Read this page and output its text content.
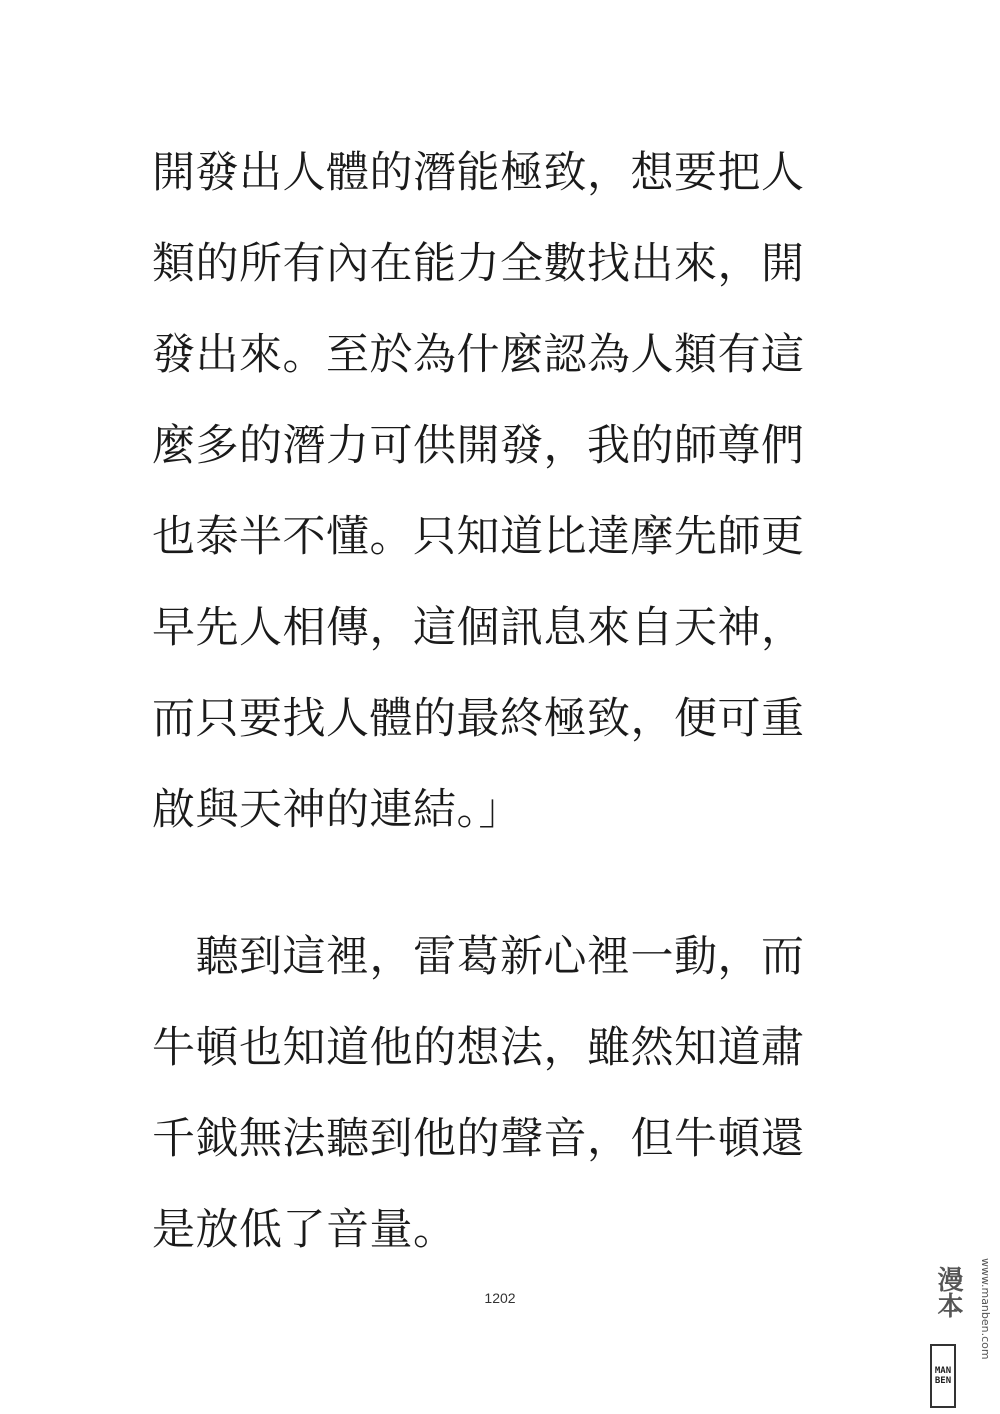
開發出人體的潛能極致，想要把人
類的所有內在能力全數找出來，開
發出來。至於為什麼認為人類有這
麼多的潛力可供開發，我的師尊們
也泰半不懂。只知道比達摩先師更
早先人相傳，這個訊息來自天神，
而只要找人體的最終極致，便可重
啟與天神的連結。」
　聽到這裡，雷葛新心裡一動，而
牛頓也知道他的想法，雖然知道肅
千鉞無法聽到他的聲音，但牛頓還
是放低了音量。
1202	漫本
MAN
BEN
www.manben.com
